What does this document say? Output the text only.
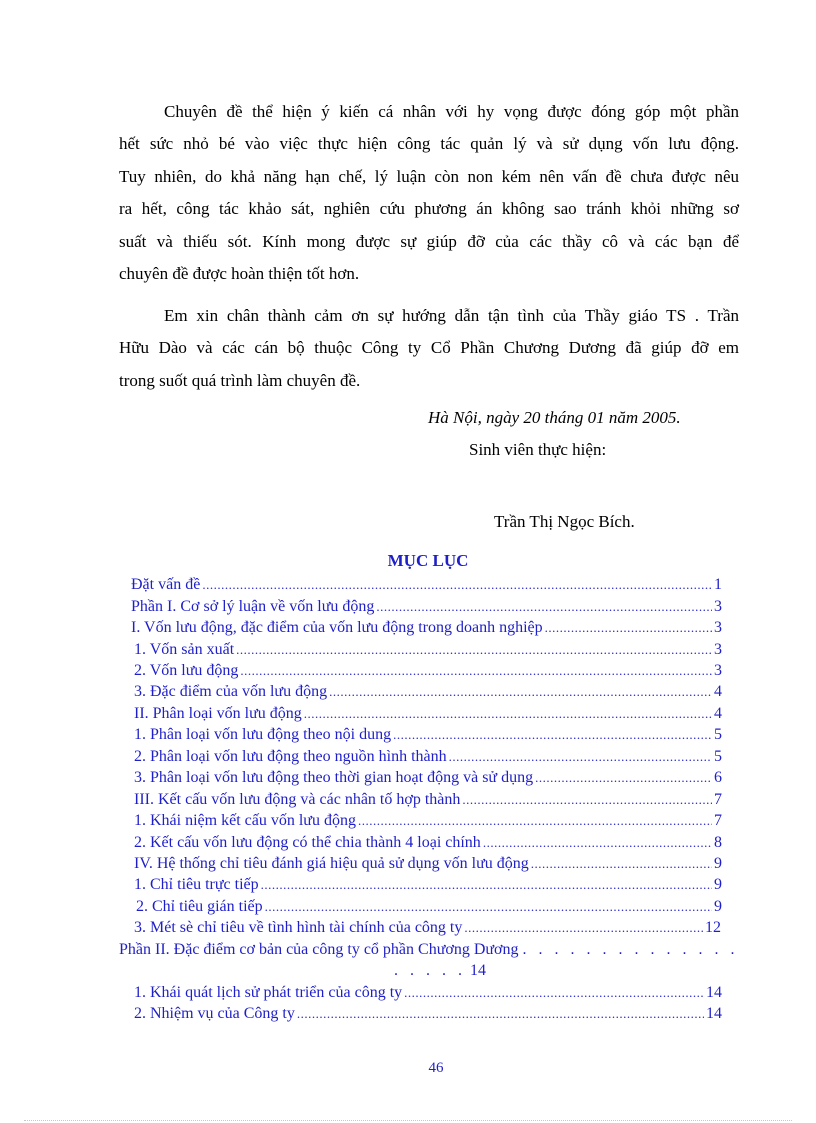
Chuyên đề thể hiện ý kiến cá nhân với hy vọng được đóng góp một phần
hết sức nhỏ bé vào việc thực hiện công tác quản lý và sử dụng vốn lưu động.
Tuy nhiên, do khả năng hạn chế, lý luận còn non kém nên vấn đề chưa được nêu
ra hết, công tác khảo sát, nghiên cứu phương án không sao tránh khỏi những sơ
suất và thiếu sót. Kính mong được sự giúp đỡ của các thầy cô và các bạn để
chuyên đề được hoàn thiện tốt hơn.
Em xin chân thành cảm ơn sự hướng dẫn tận tình của Thầy giáo TS . Trần
Hữu Dào và các cán bộ thuộc Công ty Cổ Phần Chương Dương đã giúp đỡ em
trong suốt quá trình làm chuyên đề.
Hà Nội, ngày 20 tháng 01 năm 2005.
Sinh viên thực hiện:
Trần Thị Ngọc Bích.
MỤC LỤC
Đặt vấn đề .....	1
Phần I. Cơ sở lý luận về vốn lưu động .....	3
I. Vốn lưu động, đặc điểm của vốn lưu động trong doanh nghiệp .....	3
1. Vốn sản xuất .....	3
2. Vốn lưu động .....	3
3. Đặc điểm của vốn lưu động .....	4
II. Phân loại vốn lưu động .....	4
1. Phân loại vốn lưu động theo nội dung .....	5
2. Phân loại vốn lưu động theo nguồn hình thành .....	5
3. Phân loại vốn lưu động theo thời gian hoạt động và sử dụng .....	6
III. Kết cấu vốn lưu động và các nhân tố hợp thành .....	7
1. Khái niệm kết cấu vốn lưu động .....	7
2. Kết cấu vốn lưu động có thể chia thành 4 loại chính .....	8
IV. Hệ thống chỉ tiêu đánh giá hiệu quả sử dụng vốn lưu động .....	9
1. Chỉ tiêu trực tiếp .....	9
2. Chỉ tiêu gián tiếp .....	9
3. Mét sè chỉ tiêu về tình hình tài chính của công ty .....	12
Phần II. Đặc điểm cơ bản của công ty cổ phần Chương Dương . . . . . . . . . . . . . .
. . . . . 14
1. Khái quát lịch sử phát triển của công ty .....	14
2. Nhiệm vụ của Công ty .....	14
46
